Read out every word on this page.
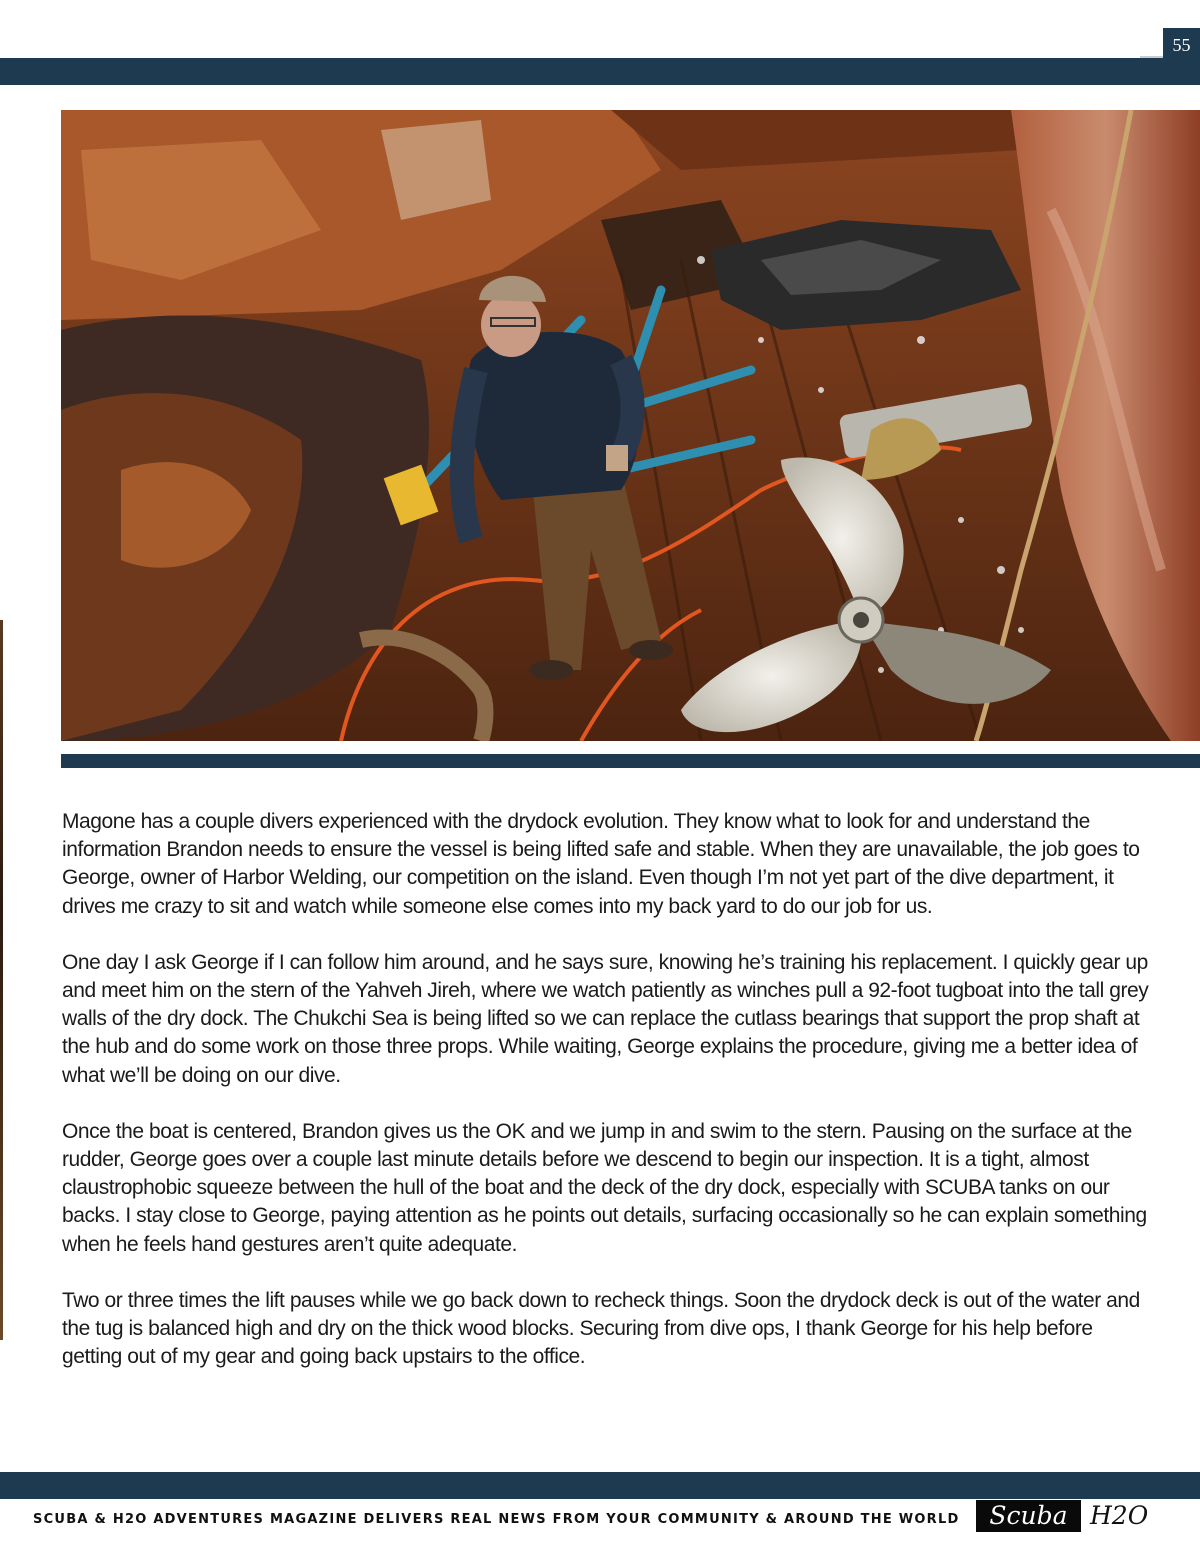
55

Magone has a couple divers experienced with the drydock evolution. They know what to look for and understand the information Brandon needs to ensure the vessel is being lifted safe and stable. When they are unavailable, the job goes to George, owner of Harbor Welding, our competition on the island. Even though I’m not yet part of the dive department, it drives me crazy to sit and watch while someone else comes into my back yard to do our job for us.

One day I ask George if I can follow him around, and he says sure, knowing he’s training his replacement. I quickly gear up and meet him on the stern of the Yahveh Jireh, where we watch patiently as winches pull a 92-foot tugboat into the tall grey walls of the dry dock. The Chukchi Sea is being lifted so we can replace the cutlass bearings that support the prop shaft at the hub and do some work on those three props. While waiting, George explains the procedure, giving me a better idea of what we’ll be doing on our dive.

Once the boat is centered, Brandon gives us the OK and we jump in and swim to the stern. Pausing on the surface at the rudder, George goes over a couple last minute details before we descend to begin our inspection. It is a tight, almost claustrophobic squeeze between the hull of the boat and the deck of the dry dock, especially with SCUBA tanks on our backs. I stay close to George, paying attention as he points out details, surfacing occasionally so he can explain something when he feels hand gestures aren’t quite adequate.

Two or three times the lift pauses while we go back down to recheck things. Soon the drydock deck is out of the water and the tug is balanced high and dry on the thick wood blocks. Securing from dive ops, I thank George for his help before getting out of my gear and going back upstairs to the office.

SCUBA & H2O ADVENTURES MAGAZINE DELIVERS REAL NEWS FROM YOUR COMMUNITY & AROUND THE WORLD	Scuba H2O
